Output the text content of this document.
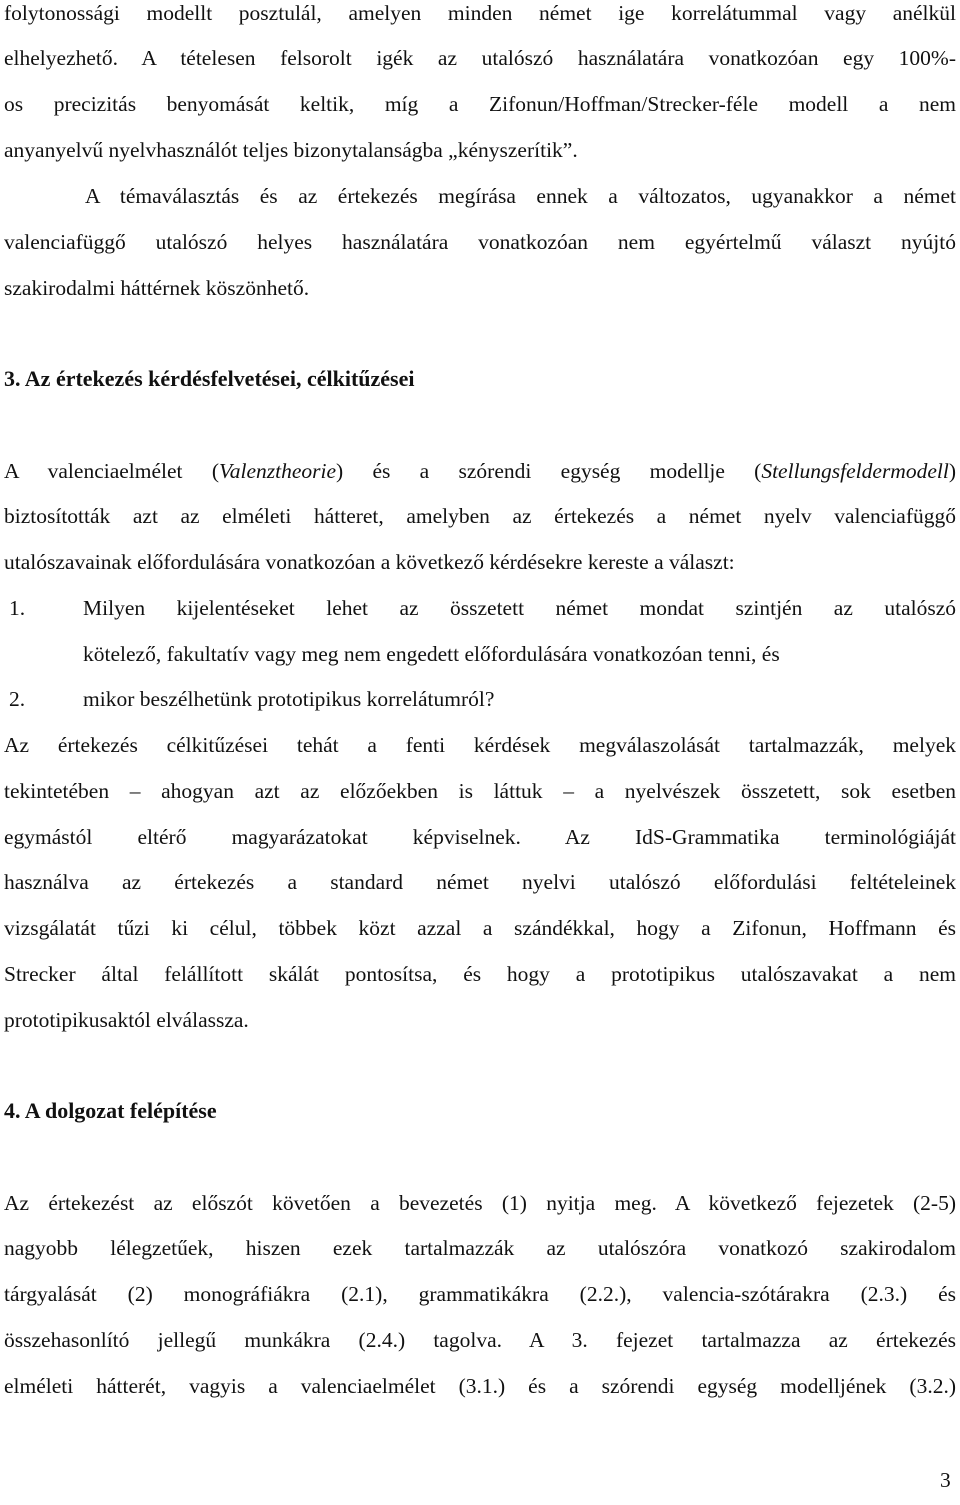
folytonossági modellt posztulál, amelyen minden német ige korrelátummal vagy anélkül
elhelyezhető. A tételesen felsorolt igék az utalószó használatára vonatkozóan egy 100%-
os precizitás benyomását keltik, míg a Zifonun/Hoffman/Strecker-féle modell a nem
anyanyelvű nyelvhasználót teljes bizonytalanságba „kényszerítik”.
A témaválasztás és az értekezés megírása ennek a változatos, ugyanakkor a német
valenciafüggő utalószó helyes használatára vonatkozóan nem egyértelmű választ nyújtó
szakirodalmi háttérnek köszönhető.
3. Az értekezés kérdésfelvetései, célkitűzései
A valenciaelmélet (Valenztheorie) és a szórendi egység modellje (Stellungsfeldermodell)
biztosították azt az elméleti hátteret, amelyben az értekezés a német nyelv valenciafüggő
utalószavainak előfordulására vonatkozóan a következő kérdésekre kereste a választ:
1.	Milyen kijelentéseket lehet az összetett német mondat szintjén az utalószó
kötelező, fakultatív vagy meg nem engedett előfordulására vonatkozóan tenni, és
2.	mikor beszélhetünk prototipikus korrelátumról?
Az értekezés célkitűzései tehát a fenti kérdések megválaszolását tartalmazzák, melyek
tekintetében – ahogyan azt az előzőekben is láttuk – a nyelvészek összetett, sok esetben
egymástól eltérő magyarázatokat képviselnek. Az IdS-Grammatika terminológiáját
használva az értekezés a standard német nyelvi utalószó előfordulási feltételeinek
vizsgálatát tűzi ki célul, többek közt azzal a szándékkal, hogy a Zifonun, Hoffmann és
Strecker által felállított skálát pontosítsa, és hogy a prototipikus utalószavakat a nem
prototipikusaktól elválassza.
4. A dolgozat felépítése
Az értekezést az előszót követően a bevezetés (1) nyitja meg. A következő fejezetek (2-5)
nagyobb lélegzetűek, hiszen ezek tartalmazzák az utalószóra vonatkozó szakirodalom
tárgyalását (2) monográfiákra (2.1), grammatikákra (2.2.), valencia-szótárakra (2.3.) és
összehasonlító jellegű munkákra (2.4.) tagolva. A 3. fejezet tartalmazza az értekezés
elméleti hátterét, vagyis a valenciaelmélet (3.1.) és a szórendi egység modelljének (3.2.)
3
